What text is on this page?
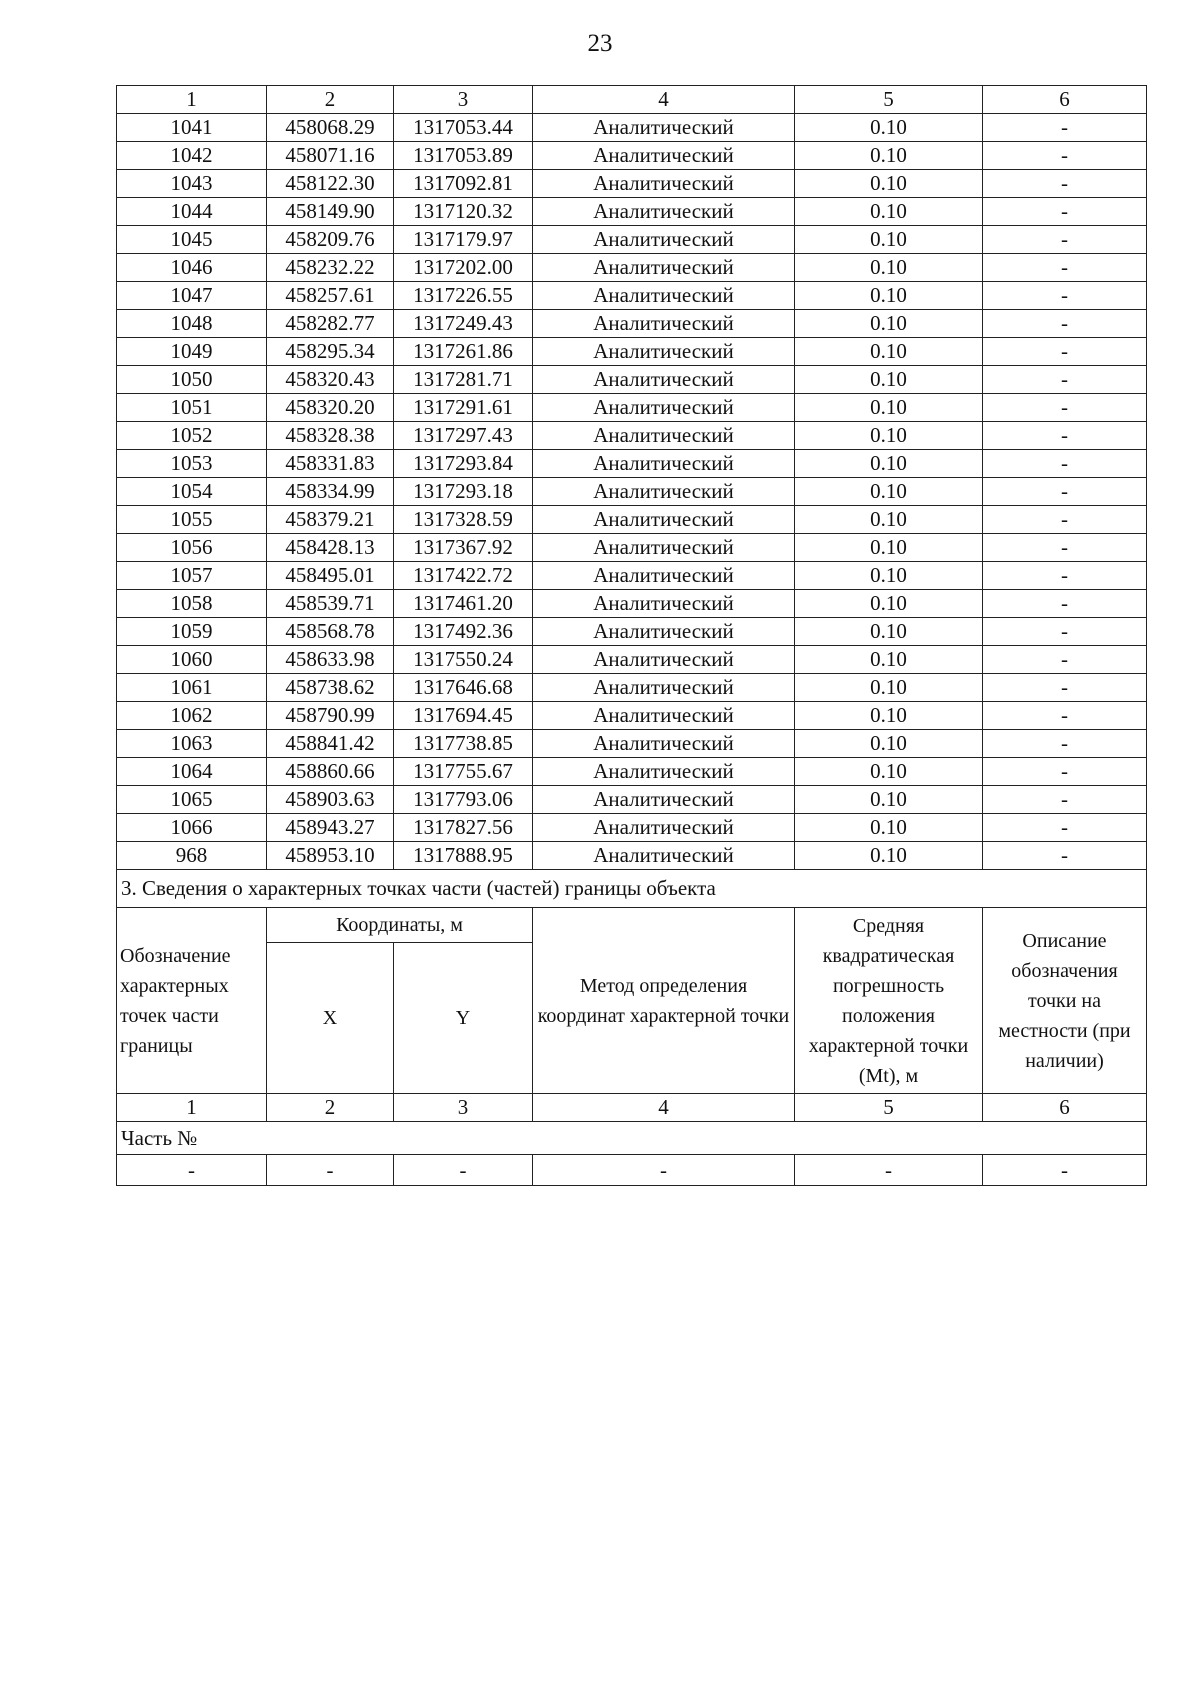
23
1	2	3	4	5	6
1041	458068.29	1317053.44	Аналитический	0.10	-
1042	458071.16	1317053.89	Аналитический	0.10	-
1043	458122.30	1317092.81	Аналитический	0.10	-
1044	458149.90	1317120.32	Аналитический	0.10	-
1045	458209.76	1317179.97	Аналитический	0.10	-
1046	458232.22	1317202.00	Аналитический	0.10	-
1047	458257.61	1317226.55	Аналитический	0.10	-
1048	458282.77	1317249.43	Аналитический	0.10	-
1049	458295.34	1317261.86	Аналитический	0.10	-
1050	458320.43	1317281.71	Аналитический	0.10	-
1051	458320.20	1317291.61	Аналитический	0.10	-
1052	458328.38	1317297.43	Аналитический	0.10	-
1053	458331.83	1317293.84	Аналитический	0.10	-
1054	458334.99	1317293.18	Аналитический	0.10	-
1055	458379.21	1317328.59	Аналитический	0.10	-
1056	458428.13	1317367.92	Аналитический	0.10	-
1057	458495.01	1317422.72	Аналитический	0.10	-
1058	458539.71	1317461.20	Аналитический	0.10	-
1059	458568.78	1317492.36	Аналитический	0.10	-
1060	458633.98	1317550.24	Аналитический	0.10	-
1061	458738.62	1317646.68	Аналитический	0.10	-
1062	458790.99	1317694.45	Аналитический	0.10	-
1063	458841.42	1317738.85	Аналитический	0.10	-
1064	458860.66	1317755.67	Аналитический	0.10	-
1065	458903.63	1317793.06	Аналитический	0.10	-
1066	458943.27	1317827.56	Аналитический	0.10	-
968	458953.10	1317888.95	Аналитический	0.10	-
3. Сведения о характерных точках части (частей) границы объекта					
Обозначение характерных точек части границы	Координаты, м		Метод определения координат характерной точки	Средняя квадратическая погрешность положения характерной точки (Mt), м	Описание обозначения точки на местности (при наличии)
	X	Y			
1	2	3	4	5	6
Часть №					
-	-	-	-	-	-
